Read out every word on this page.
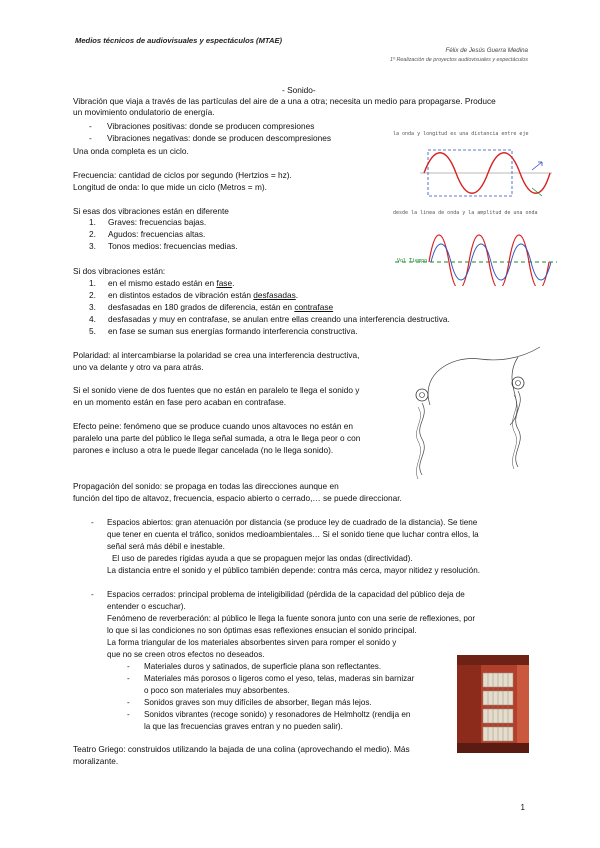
Medios técnicos de audiovisuales y espectáculos (MTAE)
Félix de Jesús Guerra Medina
1º Realización de proyectos audiovisuales y espectáculos
- Sonido-
Vibración que viaja a través de las partículas del aire de a una a otra; necesita un medio para propagarse. Produce
un movimiento ondulatorio de energía.
- Vibraciones positivas: donde se producen compresiones
- Vibraciones negativas: donde se producen descompresiones
Una onda completa es un ciclo.
Frecuencia: cantidad de ciclos por segundo (Hertzios = hz).
Longitud de onda: lo que mide un ciclo (Metros = m).
Si esas dos vibraciones están en diferente
1. Graves: frecuencias bajas.
2. Agudos: frecuencias altas.
3. Tonos medios: frecuencias medias.
Si dos vibraciones están:
1. en el mismo estado están en fase.
2. en distintos estados de vibración están desfasadas.
3. desfasadas en 180 grados de diferencia, están en contrafase
4. desfasadas y muy en contrafase, se anulan entre ellas creando una interferencia destructiva.
5. en fase se suman sus energías formando interferencia constructiva.
Polaridad: al intercambiarse la polaridad se crea una interferencia destructiva,
uno va delante y otro va para atrás.
Si el sonido viene de dos fuentes que no están en paralelo te llega el sonido y
en un momento están en fase pero acaban en contrafase.
Efecto peine: fenómeno que se produce cuando unos altavoces no están en
paralelo una parte del público le llega señal sumada, a otra le llega peor o con
parones e incluso a otra le puede llegar cancelada (no le llega sonido).
Propagación del sonido: se propaga en todas las direcciones aunque en
función del tipo de altavoz, frecuencia, espacio abierto o cerrado,… se puede direccionar.
- Espacios abiertos: gran atenuación por distancia (se produce ley de cuadrado de la distancia). Se tiene
que tener en cuenta el tráfico, sonidos medioambientales… Si el sonido tiene que luchar contra ellos, la
señal será más débil e inestable.
El uso de paredes rígidas ayuda a que se propaguen mejor las ondas (directividad).
La distancia entre el sonido y el público también depende: contra más cerca, mayor nitidez y resolución.
- Espacios cerrados: principal problema de inteligibilidad (pérdida de la capacidad del público deja de
entender o escuchar).
Fenómeno de reverberación: al público le llega la fuente sonora junto con una serie de reflexiones, por
lo que si las condiciones no son óptimas esas reflexiones ensucian el sonido principal.
La forma triangular de los materiales absorbentes sirven para romper el sonido y
que no se creen otros efectos no deseados.
- Materiales duros y satinados, de superficie plana son reflectantes.
- Materiales más porosos o ligeros como el yeso, telas, maderas sin barnizar
o poco son materiales muy absorbentes.
- Sonidos graves son muy difíciles de absorber, llegan más lejos.
- Sonidos vibrantes (recoge sonido) y resonadores de Helmholtz (rendija en
la que las frecuencias graves entran y no pueden salir).
Teatro Griego: construidos utilizando la bajada de una colina (aprovechando el medio). Más
moralizante.
la onda y longitud es una distancia entre eje
desde la linea de onda y la amplitud de una onda
Vol Tiempo
1
